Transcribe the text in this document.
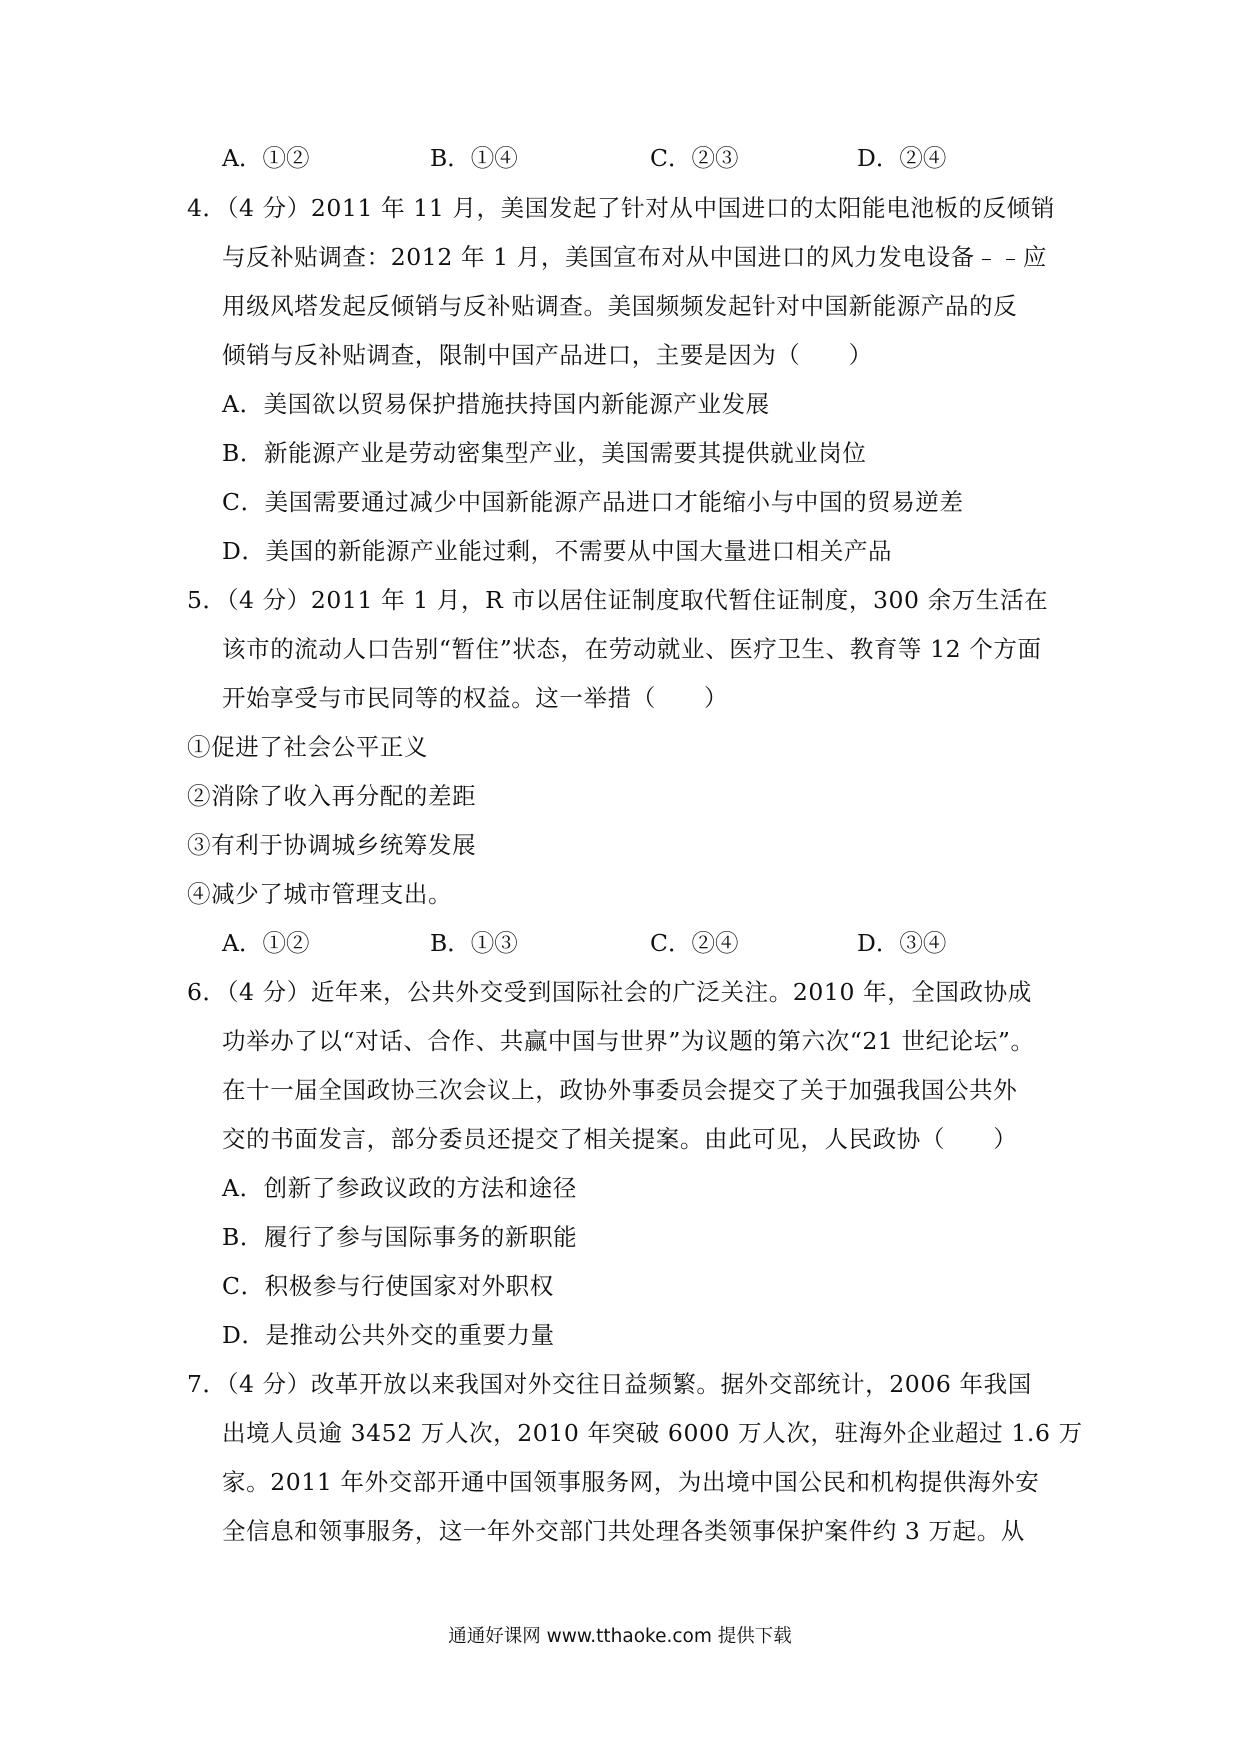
A．①②	B．①④	C．②③	D．②④
4．（4 分）2011 年 11 月，美国发起了针对从中国进口的太阳能电池板的反倾销
与反补贴调查：2012 年 1 月，美国宣布对从中国进口的风力发电设备﹣﹣应
用级风塔发起反倾销与反补贴调查。美国频频发起针对中国新能源产品的反
倾销与反补贴调查，限制中国产品进口，主要是因为（　　）
A．美国欲以贸易保护措施扶持国内新能源产业发展
B．新能源产业是劳动密集型产业，美国需要其提供就业岗位
C．美国需要通过减少中国新能源产品进口才能缩小与中国的贸易逆差
D．美国的新能源产业能过剩，不需要从中国大量进口相关产品
5．（4 分）2011 年 1 月，R 市以居住证制度取代暂住证制度，300 余万生活在
该市的流动人口告别“暂住”状态，在劳动就业、医疗卫生、教育等 12 个方面
开始享受与市民同等的权益。这一举措（　　）
①促进了社会公平正义
②消除了收入再分配的差距
③有利于协调城乡统筹发展
④减少了城市管理支出。
A．①②	B．①③	C．②④	D．③④
6．（4 分）近年来，公共外交受到国际社会的广泛关注。2010 年，全国政协成
功举办了以“对话、合作、共赢中国与世界”为议题的第六次“21 世纪论坛”。
在十一届全国政协三次会议上，政协外事委员会提交了关于加强我国公共外
交的书面发言，部分委员还提交了相关提案。由此可见，人民政协（　　）
A．创新了参政议政的方法和途径
B．履行了参与国际事务的新职能
C．积极参与行使国家对外职权
D．是推动公共外交的重要力量
7．（4 分）改革开放以来我国对外交往日益频繁。据外交部统计，2006 年我国
出境人员逾 3452 万人次，2010 年突破 6000 万人次，驻海外企业超过 1.6 万
家。2011 年外交部开通中国领事服务网，为出境中国公民和机构提供海外安
全信息和领事服务，这一年外交部门共处理各类领事保护案件约 3 万起。从
通通好课网 www.tthaoke.com 提供下载
